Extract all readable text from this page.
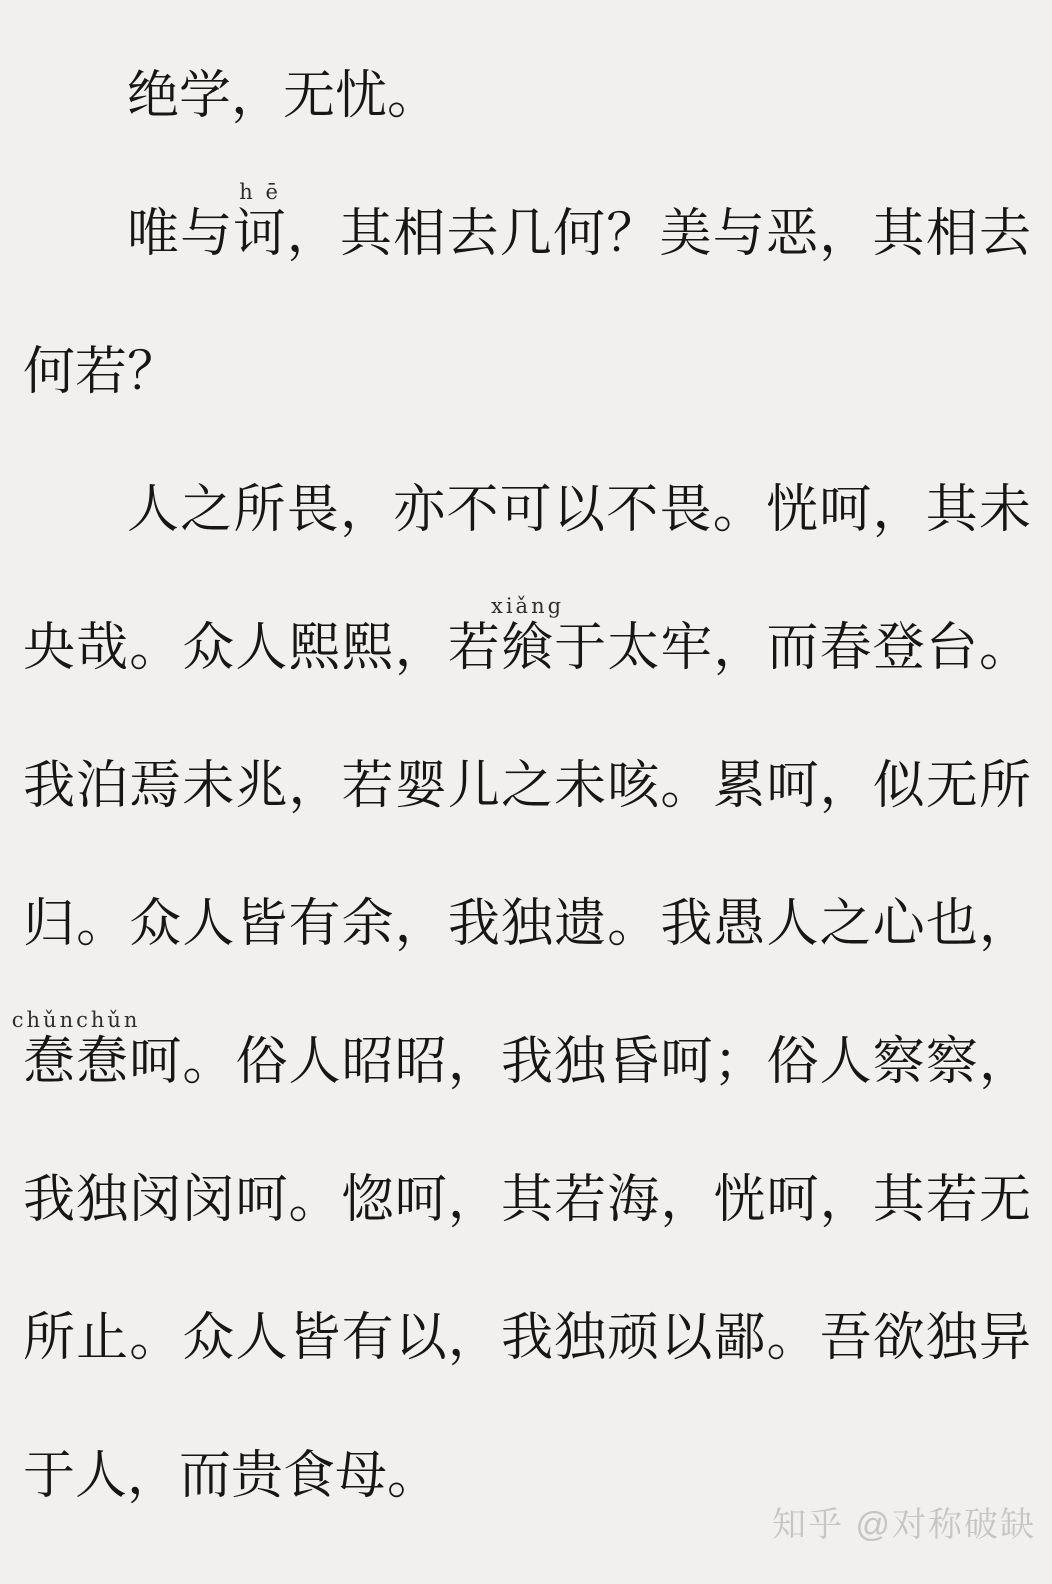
绝学，无忧。

唯与
h ē
诃，其相去几何？美与恶，其相去何若？

人之所畏，亦不可以不畏。恍呵，其未央哉。众人熙熙，若
xiǎng
飨于太牢，而春登台。我泊焉未兆，若婴儿之未咳。累呵，似无所归。众人皆有余，我独遗。我愚人之心也，
chǔnchǔn
惷惷呵。俗人昭昭，我独昏呵；俗人察察，我独闵闵呵。惚呵，其若海，恍呵，其若无所止。众人皆有以，我独顽以鄙。吾欲独异于人，而贵食母。

知乎 @对称破缺
